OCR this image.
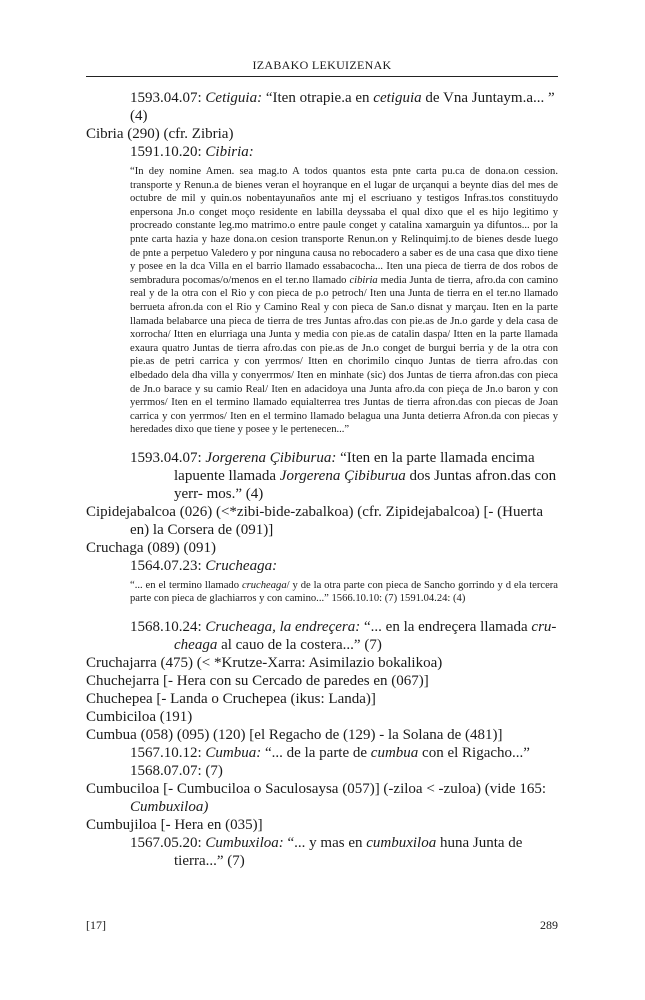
IZABAKO LEKUIZENAK
1593.04.07: Cetiguia: “Iten otrapie.a en cetiguia de Vna Juntaym.a... ”
(4)
Cibria (290) (cfr. Zibria)
1591.10.20: Cibiria:
“In dey nomine Amen. sea mag.to A todos quantos esta pnte carta pu.ca de dona.on cession. transporte y Renun.a de bienes veran el hoyranque en el lugar de urçanqui a beynte dias del mes de octubre de mil y quin.os nobentayunaños ante mj el escriuano y testigos Infras.tos constituydo enpersona Jn.o conget moço residente en labilla deyssaba el qual dixo que el es hijo legitimo y procreado constante leg.mo matrimo.o entre paule conget y catalina xamarguin ya difuntos... por la pnte carta hazia y haze dona.on cesion transporte Renun.on y Relinquimj.to de bienes desde luego de pnte a perpetuo Valedero y por ninguna causa no rebocadero a saber es de una casa que dixo tiene y posee en la dca Villa en el barrio llamado essabacocha... Iten una pieca de tierra de dos robos de sembradura pocomas/o/menos en el ter.no llamado cibiria media Junta de tierra, afro.da con camino real y de la otra con el Rio y con pieca de p.o petroch/ Iten una Junta de tierra en el ter.no llamado berrueta afron.da con el Rio y Camino Real y con pieca de San.o disnat y marçau. Iten en la parte llamada belabarce una pieca de tierra de tres Juntas afro.das con pie.as de Jn.o garde y dela casa de xorrocha/ Itten en elurriaga una Junta y media con pie.as de catalin daspa/ Itten en la parte llamada exaura quatro Juntas de tierra afro.das con pie.as de Jn.o conget de burgui berria y de la otra con pie.as de petri carrica y con yerrmos/ Itten en chorimilo cinquo Juntas de tierra afro.das con elbedado dela dha villa y conyerrmos/ Iten en minhate (sic) dos Juntas de tierra afron.das con pieca de Jn.o barace y su camio Real/ Iten en adacidoya una Junta afro.da con pieça de Jn.o baron y con yerrmos/ Iten en el termino llamado equialterrea tres Juntas de tierra afron.das con piecas de Joan carrica y con yerrmos/ Iten en el termino llamado belagua una Junta detierra Afron.da con piecas y heredades dixo que tiene y posee y le pertenecen...”
1593.04.07: Jorgerena Çibiburua: “Iten en la parte llamada encima lapuente llamada Jorgerena Çibiburua dos Juntas afron.das con yerr- mos.” (4)
Cipidejabalcoa (026) (<*zibi-bide-zabalkoa) (cfr. Zipidejabalcoa) [- (Huerta en) la Corsera de (091)]
Cruchaga (089) (091)
1564.07.23: Crucheaga:
“... en el termino llamado crucheaga/ y de la otra parte con pieca de Sancho gorrindo y d ela tercera parte con pieca de glachiarros y con camino...” 1566.10.10: (7) 1591.04.24: (4)
1568.10.24: Crucheaga, la endreçera: “... en la endreçera llamada cru- cheaga al cauo de la costera...” (7)
Cruchajarra (475) (< *Krutze-Xarra: Asimilazio bokalikoa)
Chuchejarra [- Hera con su Cercado de paredes en (067)]
Chuchepea [- Landa o Cruchepea (ikus: Landa)]
Cumbiciloa (191)
Cumbua (058) (095) (120) [el Regacho de (129) - la Solana de (481)]
1567.10.12: Cumbua: “... de la parte de cumbua con el Rigacho...”
1568.07.07: (7)
Cumbuciloa [- Cumbuciloa o Saculosaysa (057)] (-ziloa < -zuloa) (vide 165: Cumbuxiloa)
Cumbujiloa [- Hera en (035)]
1567.05.20: Cumbuxiloa: “... y mas en cumbuxiloa huna Junta de tierra...” (7)
[17]	289
